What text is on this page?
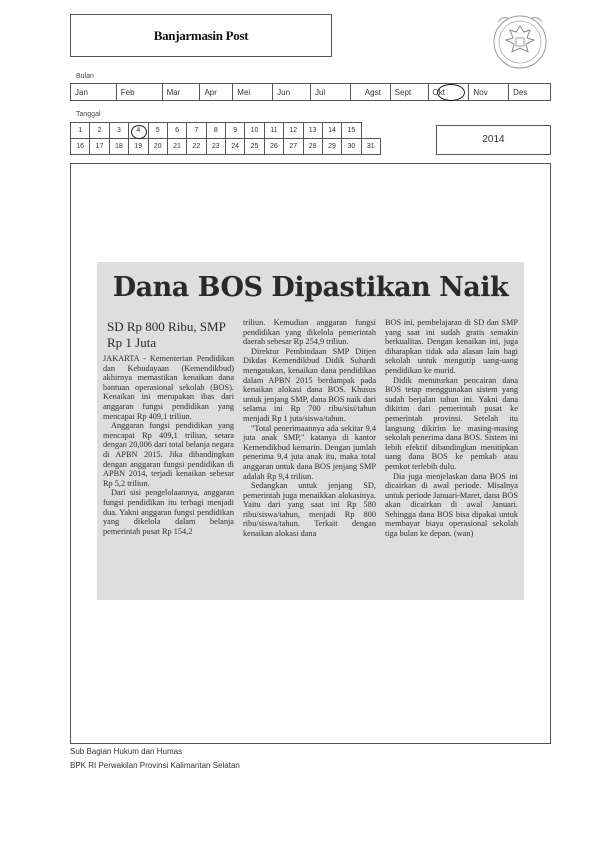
Banjarmasin Post
Bulan
Jan	Feb	Mar	Apr	Mei	Jun	Jul	Agst	Sept	Okt	Nov	Des
Tanggal
1	2	3	4	5	6	7	8	9	10	11	12	13	14	15	
16	17	18	19	20	21	22	23	24	25	26	27	28	29	30	31
2014
Dana BOS Dipastikan Naik
SD Rp 800 Ribu, SMP Rp 1 Juta

JAKARTA - Kementerian Pendidikan dan Kebudayaan (Kemendikbud) akhirnya memastikan kenaikan dana bantuan operasional sekolah (BOS). Kenaikan ini merupakan ibas dari anggaran fungsi pendidikan yang mencapai Rp 409,1 triliun.

Anggaran fungsi pendidikan yang mencapai Rp 409,1 triliun, setara dengan 20,006 dari total belanja negara di APBN 2015. Jika dibandingkan dengan anggaran fungsi pendidikan di APBN 2014, terjadi kenaikan sebesar Rp 5,2 triliun.

Dari sisi pengelolaannya, anggaran fungsi pendidikan itu terbagi menjadi dua. Yakni anggaran fungsi pendidikan yang dikelola dalam belanja pemerintah pusat Rp 154,2

triliun. Kemudian anggaran fungsi pendidikan yang dikelola pemerintah daerah sebesar Rp 254,9 triliun.

Direktur Pembindaan SMP Ditjen Dikdas Kemendikbud Didik Suhardi mengatakan, kenaikan dana pendidikan dalam APBN 2015 berdampak pada kenaikan alokasi dana BOS. Khusus untuk jenjang SMP, dana BOS naik dari selama ini Rp 700 ribu/sisi/tahun menjadi Rp 1 juta/siswa/tahun.

"Total penerimaannya ada sekitar 9,4 juta anak SMP," katanya di kantor Kemendikbud kemarin. Dengan jumlah penerima 9,4 juta anak itu, maka total anggaran untuk dana BOS jenjang SMP adalah Rp 9,4 triliun.

Sedangkan untuk jenjang SD, pemerintah juga menaikkan alokasinya. Yaitu dari yang saat ini Rp 580 ribu/siswa/tahun, menjadi Rp 800 ribu/siswa/tahun. Terkait dengan kenaikan alokasi dana

BOS ini, pembelajaran di SD dan SMP yang saat ini sudah gratis semakin berkualitas. Dengan kenaikan ini, juga diharapkan tidak ada alasan lain bagi sekolah untuk mengutip uang-uang pendidikan ke murid.

Didik menuturkan pencairan dana BOS tetap menggunakan sistem yang sudah berjalan tahun ini. Yakni dana dikirim dari pemerintah pusat ke pemerintah provinsi. Setelah itu langsung dikirim ke masing-masing sekolah penerima dana BOS. Sistem ini lebih efektif dibandingkan menitipkan uang dana BOS ke pemkab atau pemkot terlebih dulu.

Dia juga menjelaskan dana BOS ini dicairkan di awal periode. Misalnya untuk periode Januari-Maret, dana BOS akan dicairkan di awal Januari. Sehingga dana BOS bisa dipakai untuk membayar biaya operasional sekolah tiga bulan ke depan. (wan)

Sub Bagian Hukum dan Humas
BPK RI Perwakilan Provinsi Kalimantan Selatan
